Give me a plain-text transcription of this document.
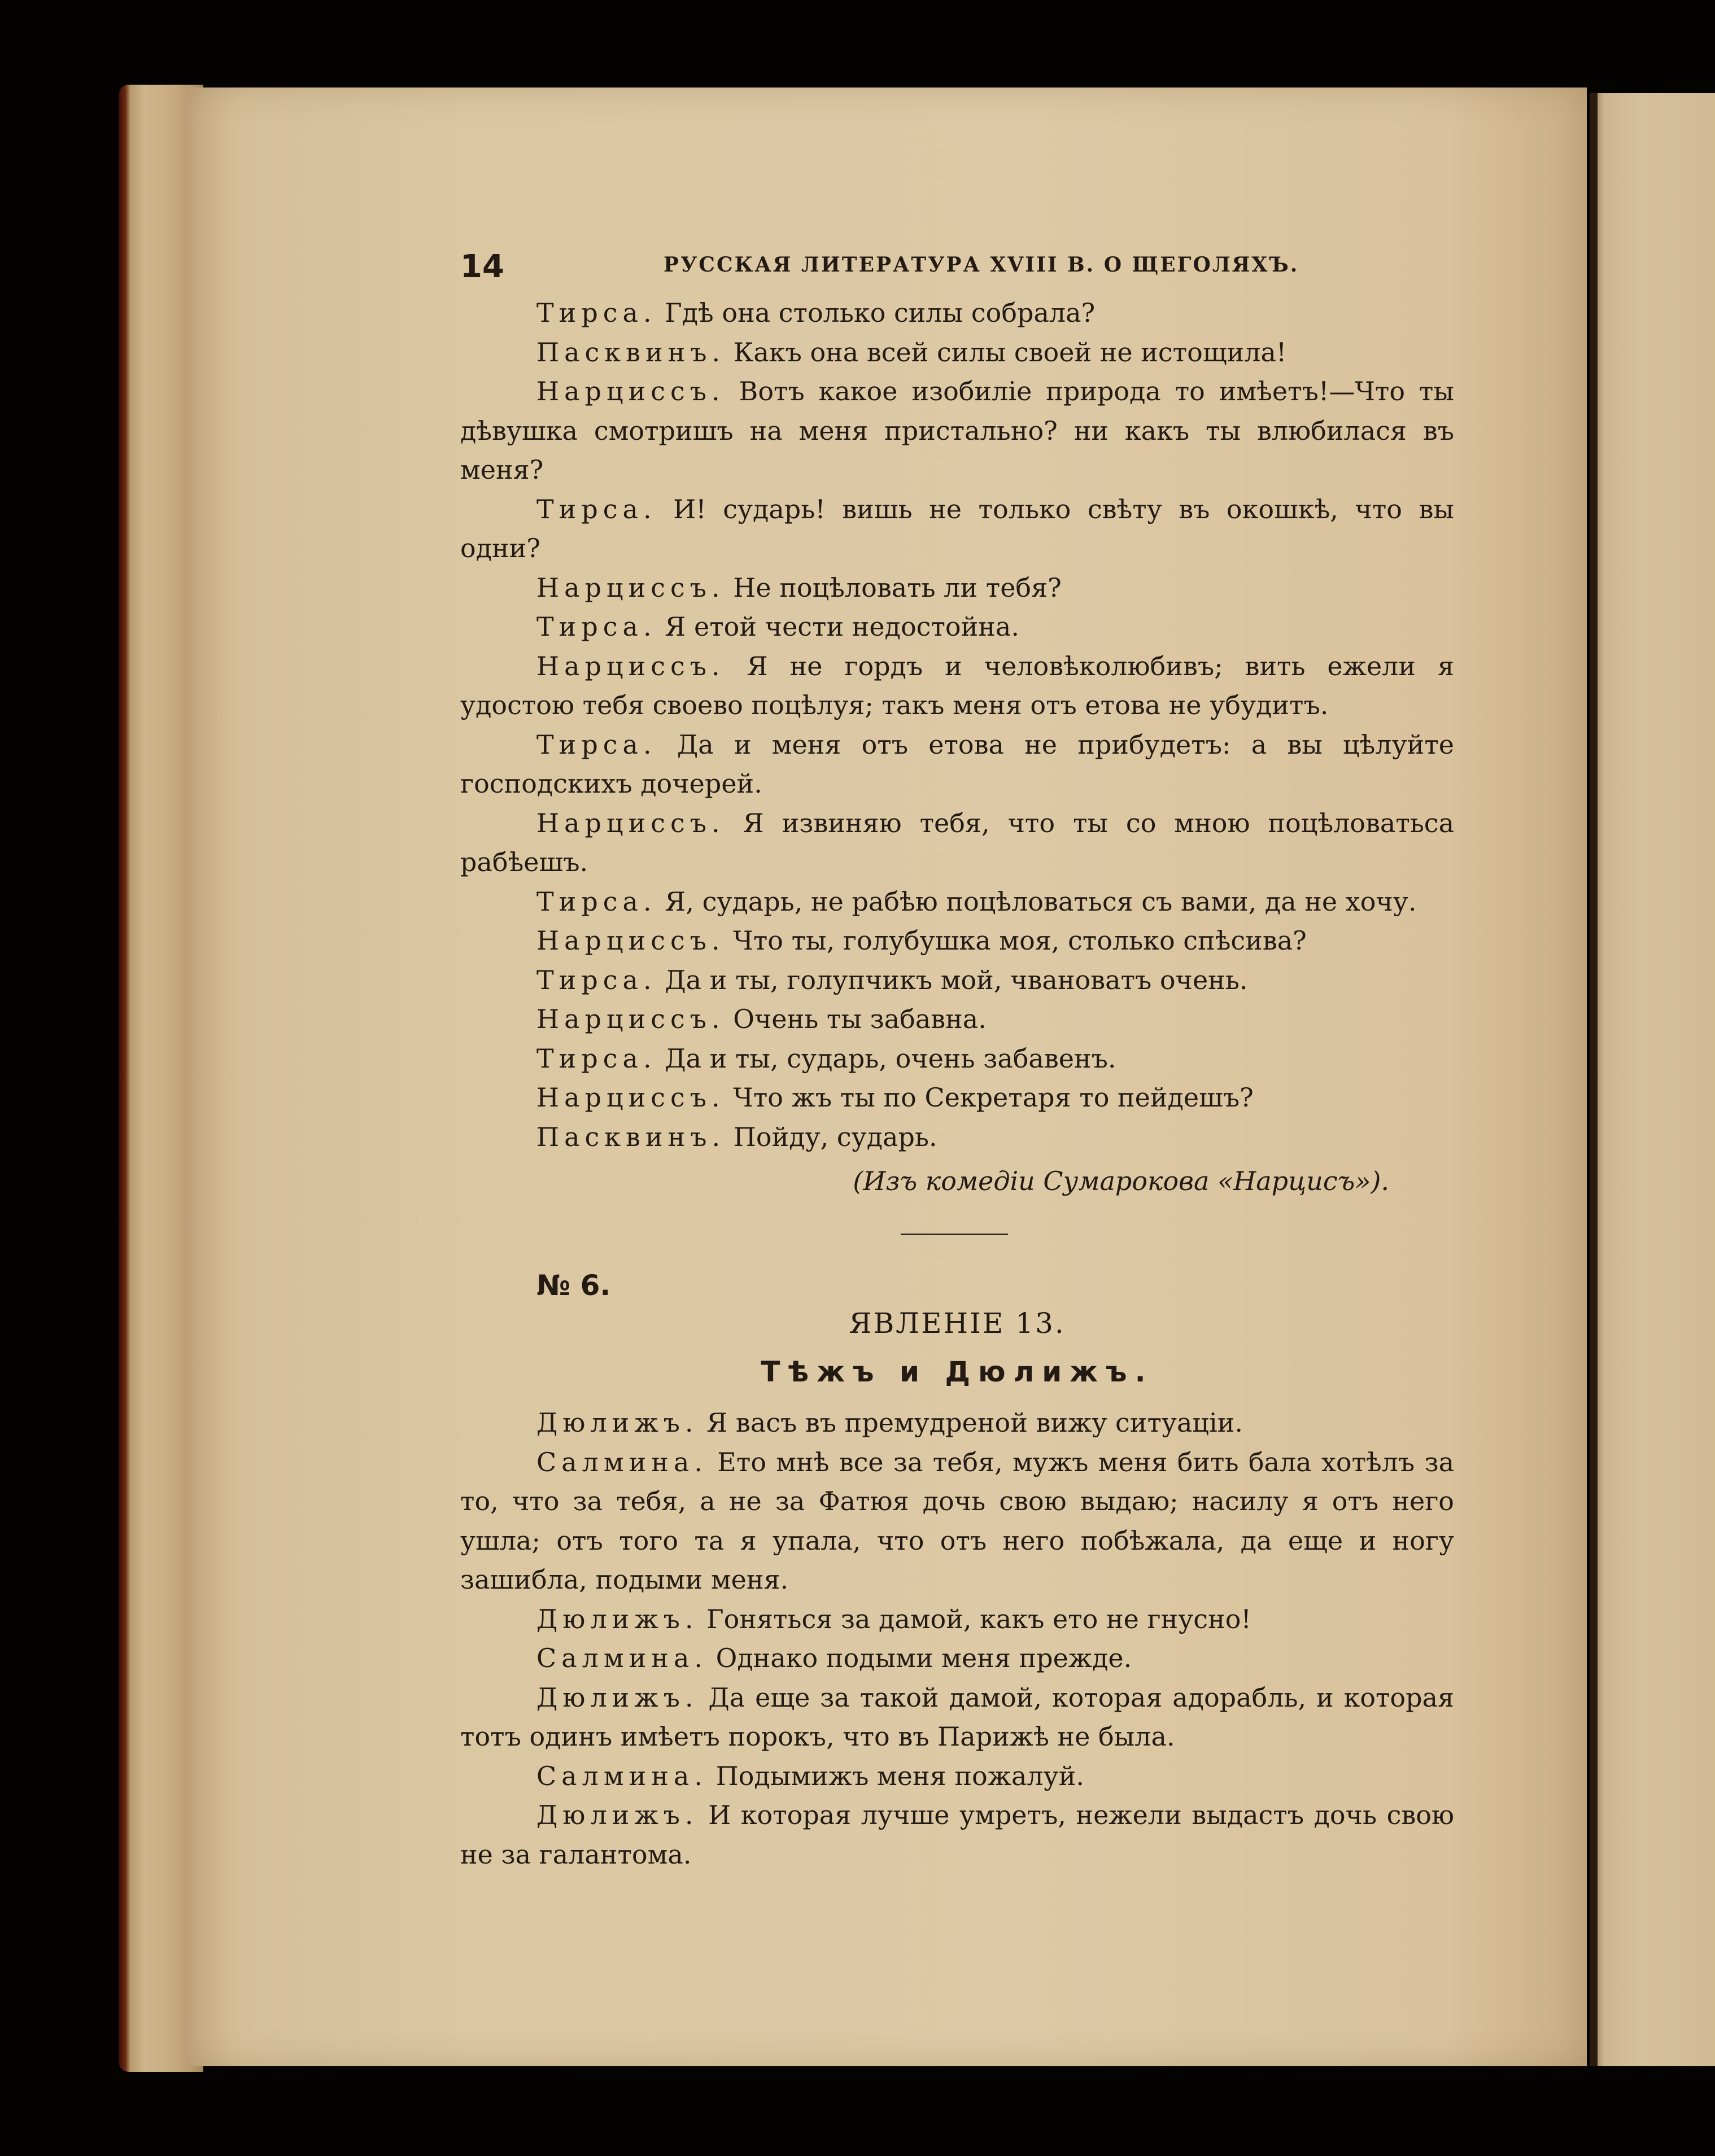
14	РУССКАЯ ЛИТЕРАТУРА XVIII В. О ЩЕГОЛЯХЪ.

Тирса. Гдѣ она столько силы собрала?

Пасквинъ. Какъ она всей силы своей не истощила!

Нарциссъ. Вотъ какое изобиліе природа то имѣетъ!—Что ты дѣвушка смотришъ на меня пристально? ни какъ ты влюбилася въ меня?

Тирса. И! сударь! вишь не только свѣту въ окошкѣ, что вы одни?

Нарциссъ. Не поцѣловать ли тебя?

Тирса. Я етой чести недостойна.

Нарциссъ. Я не гордъ и человѣколюбивъ; вить ежели я удостою тебя своево поцѣлуя; такъ меня отъ етова не убудитъ.

Тирса. Да и меня отъ етова не прибудетъ: а вы цѣлуйте господскихъ дочерей.

Нарциссъ. Я извиняю тебя, что ты со мною поцѣловатьса рабѣешъ.

Тирса. Я, сударь, не рабѣю поцѣловаться съ вами, да не хочу.

Нарциссъ. Что ты, голубушка моя, столько спѣсива?

Тирса. Да и ты, голупчикъ мой, чвановатъ очень.

Нарциссъ. Очень ты забавна.

Тирса. Да и ты, сударь, очень забавенъ.

Нарциссъ. Что жъ ты по Секретаря то пейдешъ?

Пасквинъ. Пойду, сударь.

(Изъ комедіи Сумарокова «Нарцисъ»).
№ 6.
ЯВЛЕНІЕ 13.
Тѣжъ и Дюлижъ.

Дюлижъ. Я васъ въ премудреной вижу ситуаціи.

Салмина. Ето мнѣ все за тебя, мужъ меня бить бала хотѣлъ за то, что за тебя, а не за Фатюя дочь свою выдаю; насилу я отъ него ушла; отъ того та я упала, что отъ него побѣжала, да еще и ногу зашибла, подыми меня.

Дюлижъ. Гоняться за дамой, какъ ето не гнусно!

Салмина. Однако подыми меня прежде.

Дюлижъ. Да еще за такой дамой, которая адорабль, и которая тотъ одинъ имѣетъ порокъ, что въ Парижѣ не была.

Салмина. Подымижъ меня пожалуй.

Дюлижъ. И которая лучше умретъ, нежели выдастъ дочь свою не за галантома.
